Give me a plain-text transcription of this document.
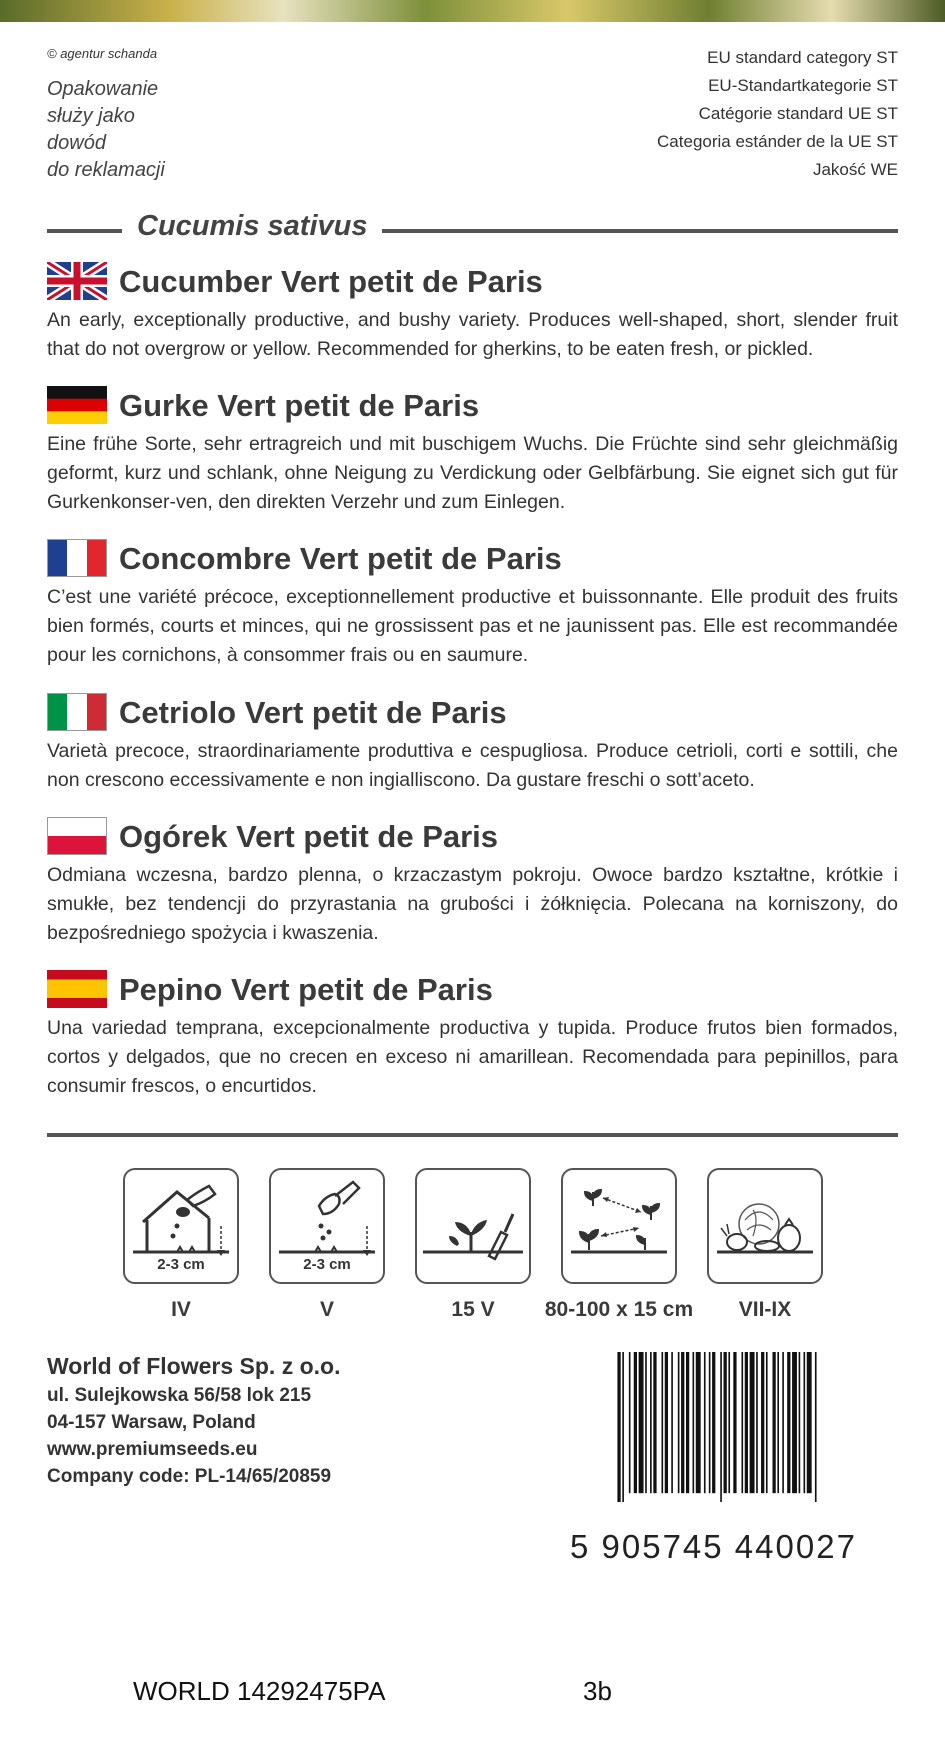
© agentur schanda
Opakowanie
służy jako
dowód
do reklamacji
EU standard category ST
EU-Standartkategorie ST
Catégorie standard UE ST
Categoria estánder de la UE ST
Jakość WE
Cucumis sativus
Cucumber Vert petit de Paris
An early, exceptionally productive, and bushy variety. Produces well-shaped, short, slender fruit that do not overgrow or yellow. Recommended for gherkins, to be eaten fresh, or pickled.
Gurke Vert petit de Paris
Eine frühe Sorte, sehr ertragreich und mit buschigem Wuchs. Die Früchte sind sehr gleichmäßig geformt, kurz und schlank, ohne Neigung zu Verdickung oder Gelbfärbung. Sie eignet sich gut für Gurkenkonser-ven, den direkten Verzehr und zum Einlegen.
Concombre Vert petit de Paris
C’est une variété précoce, exceptionnellement productive et buissonnante. Elle produit des fruits bien formés, courts et minces, qui ne grossissent pas et ne jaunissent pas. Elle est recommandée pour les cornichons, à consommer frais ou en saumure.
Cetriolo Vert petit de Paris
Varietà precoce, straordinariamente produttiva e cespugliosa. Produce cetrioli, corti e sottili, che non crescono eccessivamente e non ingialliscono. Da gustare freschi o sott’aceto.
Ogórek Vert petit de Paris
Odmiana wczesna, bardzo plenna, o krzaczastym pokroju. Owoce bardzo kształtne, krótkie i smukłe, bez tendencji do przyrastania na grubości i żółknięcia. Polecana na korniszony, do bezpośredniego spożycia i kwaszenia.
Pepino Vert petit de Paris
Una variedad temprana, excepcionalmente productiva y tupida. Produce frutos bien formados, cortos y delgados, que no crecen en exceso ni amarillean. Recomendada para pepinillos, para consumir frescos, o encurtidos.
2-3 cm	2-3 cm
IV	V	15 V	80-100 x 15 cm	VII-IX
World of Flowers Sp. z o.o.
ul. Sulejkowska 56/58 lok 215
04-157 Warsaw, Poland
www.premiumseeds.eu
Company code: PL-14/65/20859
5 905745 440027
WORLD 14292475PA	3b
